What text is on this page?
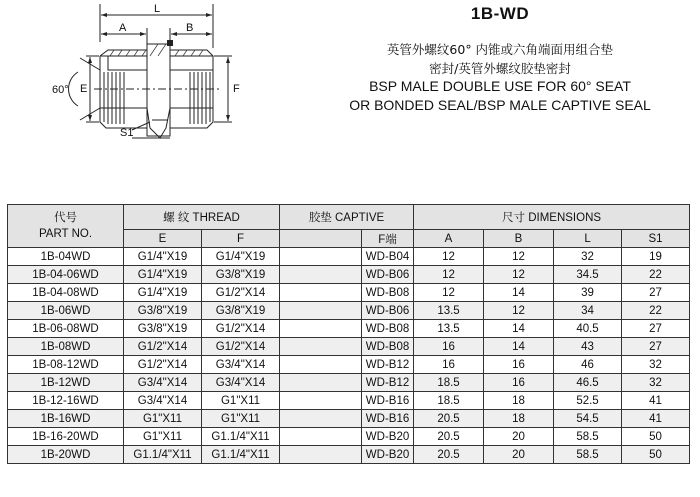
L
A	B
E	F
S1
60°
1B-WD
英管外螺纹60° 内锥或六角端面用组合垫
密封/英管外螺纹胶垫密封
BSP MALE DOUBLE USE FOR 60° SEAT
OR BONDED SEAL/BSP MALE CAPTIVE SEAL
代号
PART NO.	螺 纹 THREAD		胶垫 CAPTIVE		尺寸 DIMENSIONS			
	E	F		F端	A	B	L	S1
1B-04WD	G1/4"X19	G1/4"X19		WD-B04	12	12	32	19
1B-04-06WD	G1/4"X19	G3/8"X19		WD-B06	12	12	34.5	22
1B-04-08WD	G1/4"X19	G1/2"X14		WD-B08	12	14	39	27
1B-06WD	G3/8"X19	G3/8"X19		WD-B06	13.5	12	34	22
1B-06-08WD	G3/8"X19	G1/2"X14		WD-B08	13.5	14	40.5	27
1B-08WD	G1/2"X14	G1/2"X14		WD-B08	16	14	43	27
1B-08-12WD	G1/2"X14	G3/4"X14		WD-B12	16	16	46	32
1B-12WD	G3/4"X14	G3/4"X14		WD-B12	18.5	16	46.5	32
1B-12-16WD	G3/4"X14	G1"X11		WD-B16	18.5	18	52.5	41
1B-16WD	G1"X11	G1"X11		WD-B16	20.5	18	54.5	41
1B-16-20WD	G1"X11	G1.1/4"X11		WD-B20	20.5	20	58.5	50
1B-20WD	G1.1/4"X11	G1.1/4"X11		WD-B20	20.5	20	58.5	50
